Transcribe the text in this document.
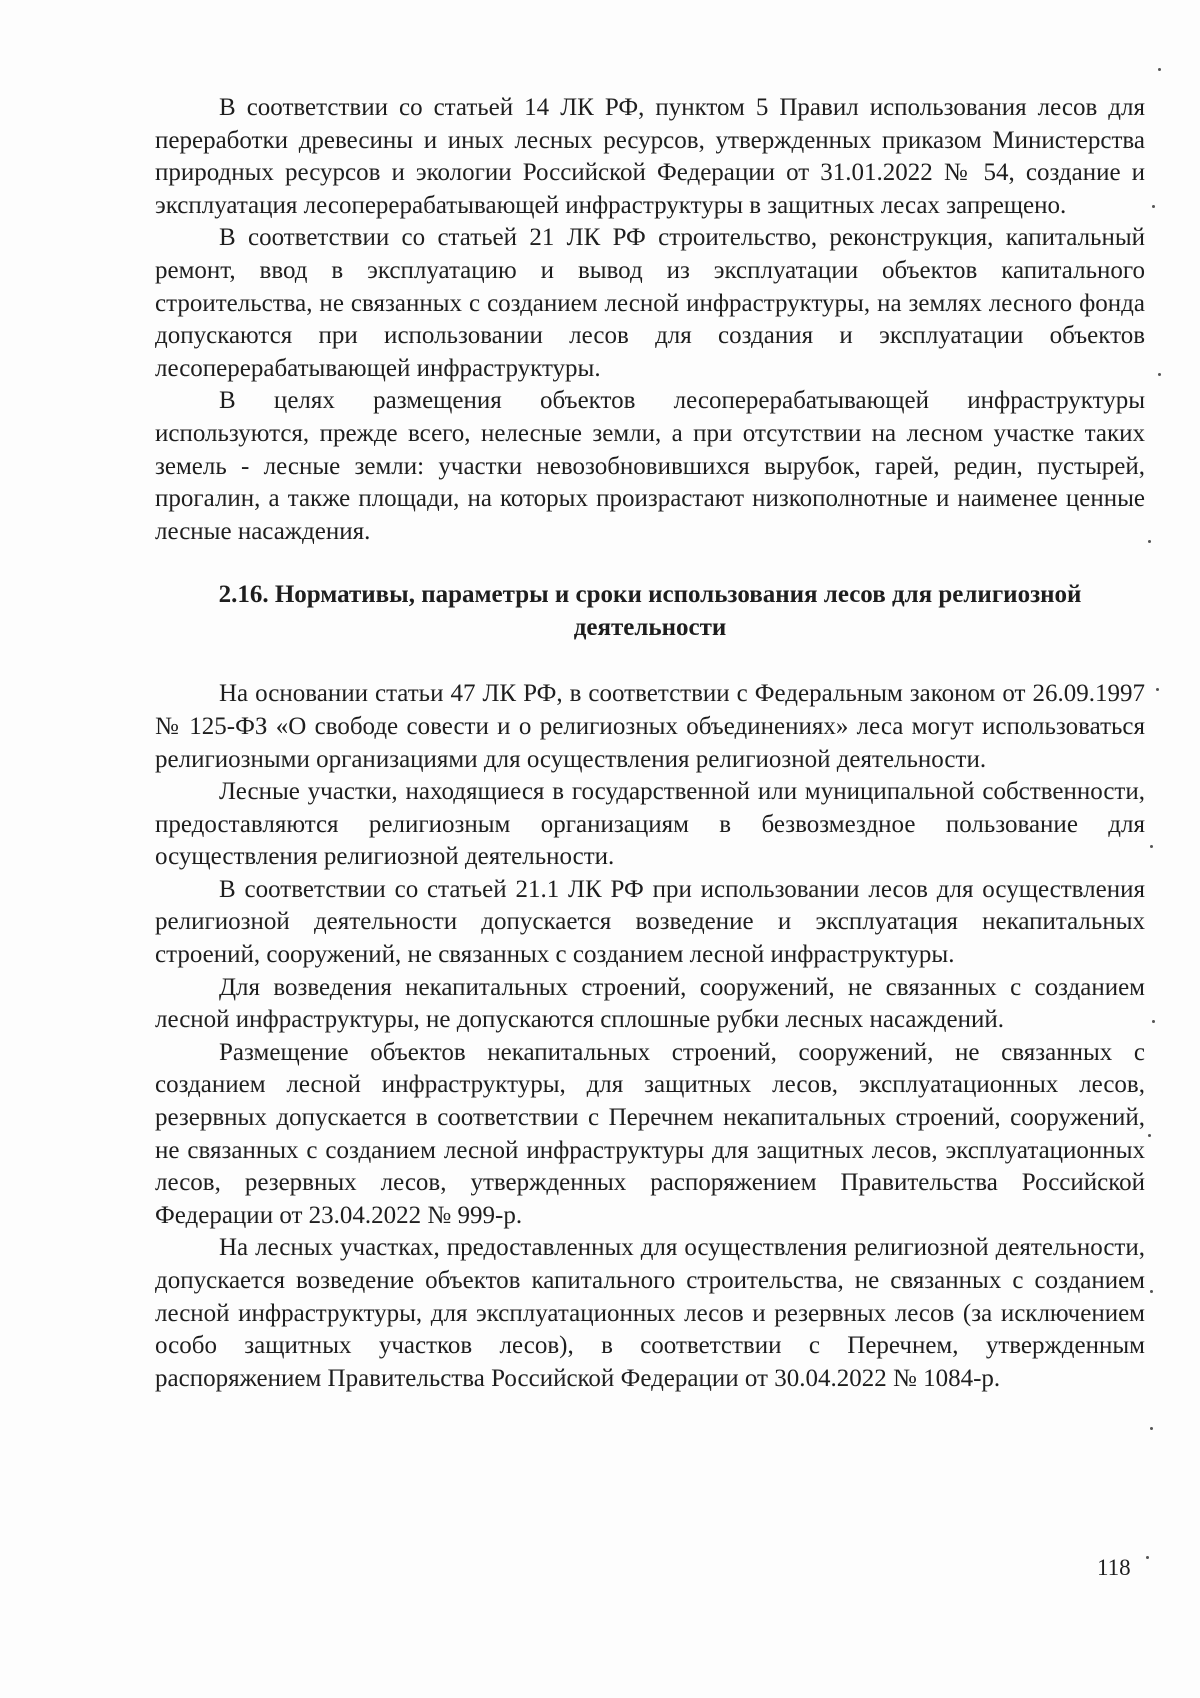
В соответствии со статьей 14 ЛК РФ, пунктом 5 Правил использования лесов для переработки древесины и иных лесных ресурсов, утвержденных приказом Министерства природных ресурсов и экологии Российской Федерации от 31.01.2022 № 54, создание и эксплуатация лесоперерабатывающей инфраструктуры в защитных лесах запрещено.

В соответствии со статьей 21 ЛК РФ строительство, реконструкция, капитальный ремонт, ввод в эксплуатацию и вывод из эксплуатации объектов капитального строительства, не связанных с созданием лесной инфраструктуры, на землях лесного фонда допускаются при использовании лесов для создания и эксплуатации объектов лесоперерабатывающей инфраструктуры.

В целях размещения объектов лесоперерабатывающей инфраструктуры используются, прежде всего, нелесные земли, а при отсутствии на лесном участке таких земель - лесные земли: участки невозобновившихся вырубок, гарей, редин, пустырей, прогалин, а также площади, на которых произрастают низкополнотные и наименее ценные лесные насаждения.

2.16. Нормативы, параметры и сроки использования лесов для религиозной деятельности

На основании статьи 47 ЛК РФ, в соответствии с Федеральным законом от 26.09.1997 № 125-ФЗ «О свободе совести и о религиозных объединениях» леса могут использоваться религиозными организациями для осуществления религиозной деятельности.

Лесные участки, находящиеся в государственной или муниципальной собственности, предоставляются религиозным организациям в безвозмездное пользование для осуществления религиозной деятельности.

В соответствии со статьей 21.1 ЛК РФ при использовании лесов для осуществления религиозной деятельности допускается возведение и эксплуатация некапитальных строений, сооружений, не связанных с созданием лесной инфраструктуры.

Для возведения некапитальных строений, сооружений, не связанных с созданием лесной инфраструктуры, не допускаются сплошные рубки лесных насаждений.

Размещение объектов некапитальных строений, сооружений, не связанных с созданием лесной инфраструктуры, для защитных лесов, эксплуатационных лесов, резервных допускается в соответствии с Перечнем некапитальных строений, сооружений, не связанных с созданием лесной инфраструктуры для защитных лесов, эксплуатационных лесов, резервных лесов, утвержденных распоряжением Правительства Российской Федерации от 23.04.2022 № 999-р.

На лесных участках, предоставленных для осуществления религиозной деятельности, допускается возведение объектов капитального строительства, не связанных с созданием лесной инфраструктуры, для эксплуатационных лесов и резервных лесов (за исключением особо защитных участков лесов), в соответствии с Перечнем, утвержденным распоряжением Правительства Российской Федерации от 30.04.2022 № 1084-р.

118
